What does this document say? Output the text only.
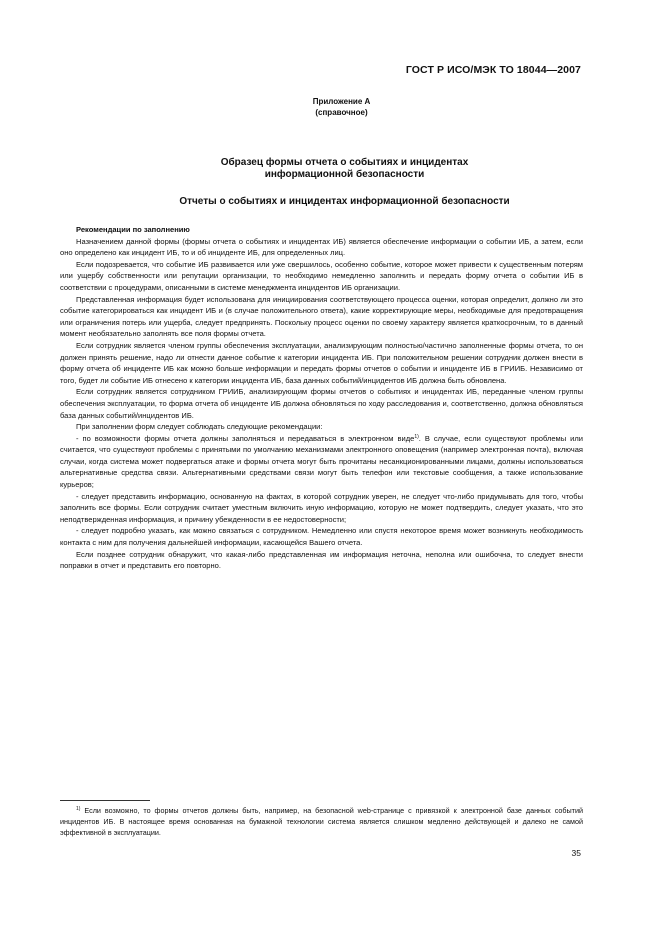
ГОСТ Р ИСО/МЭК ТО 18044—2007
Приложение А
(справочное)
Образец формы отчета о событиях и инцидентах
информационной безопасности
Отчеты о событиях и инцидентах информационной безопасности
Рекомендации по заполнению

Назначением данной формы (формы отчета о событиях и инцидентах ИБ) является обеспечение информации о событии ИБ, а затем, если оно определено как инцидент ИБ, то и об инциденте ИБ, для определенных лиц.

Если подозревается, что событие ИБ развивается или уже свершилось, особенно событие, которое может привести к существенным потерям или ущербу собственности или репутации организации, то необходимо немедленно заполнить и передать форму отчета о событии ИБ в соответствии с процедурами, описанными в системе менеджмента инцидентов ИБ организации.

Представленная информация будет использована для инициирования соответствующего процесса оценки, которая определит, должно ли это событие категорироваться как инцидент ИБ и (в случае положительного ответа), какие корректирующие меры, необходимые для предотвращения или ограничения потерь или ущерба, следует предпринять. Поскольку процесс оценки по своему характеру является краткосрочным, то в данный момент необязательно заполнять все поля формы отчета.

Если сотрудник является членом группы обеспечения эксплуатации, анализирующим полностью/частично заполненные формы отчета, то он должен принять решение, надо ли отнести данное событие к категории инцидента ИБ. При положительном решении сотрудник должен внести в форму отчета об инциденте ИБ как можно больше информации и передать формы отчетов о событии и инциденте ИБ в ГРИИБ. Независимо от того, будет ли событие ИБ отнесено к категории инцидента ИБ, база данных событий/инцидентов ИБ должна быть обновлена.

Если сотрудник является сотрудником ГРИИБ, анализирующим формы отчетов о событиях и инцидентах ИБ, переданные членом группы обеспечения эксплуатации, то форма отчета об инциденте ИБ должна обновляться по ходу расследования и, соответственно, должна обновляться база данных событий/инцидентов ИБ.

При заполнении форм следует соблюдать следующие рекомендации:

- по возможности формы отчета должны заполняться и передаваться в электронном виде$^{1)}$. В случае, если существуют проблемы или считается, что существуют проблемы с принятыми по умолчанию механизмами электронного оповещения (например электронная почта), включая случаи, когда система может подвергаться атаке и формы отчета могут быть прочитаны несанкционированными лицами, должны использоваться альтернативные средства связи. Альтернативными средствами связи могут быть телефон или текстовые сообщения, а также использование курьеров;

- следует представить информацию, основанную на фактах, в которой сотрудник уверен, не следует что-либо придумывать для того, чтобы заполнить все формы. Если сотрудник считает уместным включить иную информацию, которую не может подтвердить, следует указать, что это неподтвержденная информация, и причину убежденности в ее недостоверности;

- следует подробно указать, как можно связаться с сотрудником. Немедленно или спустя некоторое время может возникнуть необходимость контакта с ним для получения дальнейшей информации, касающейся Вашего отчета.

Если позднее сотрудник обнаружит, что какая-либо представленная им информация неточна, неполна или ошибочна, то следует внести поправки в отчет и представить его повторно.

$^{1)}$ Если возможно, то формы отчетов должны быть, например, на безопасной web-странице с привязкой к электронной базе данных событий инцидентов ИБ. В настоящее время основанная на бумажной технологии система является слишком медленно действующей и далеко не самой эффективной в эксплуатации.
35
